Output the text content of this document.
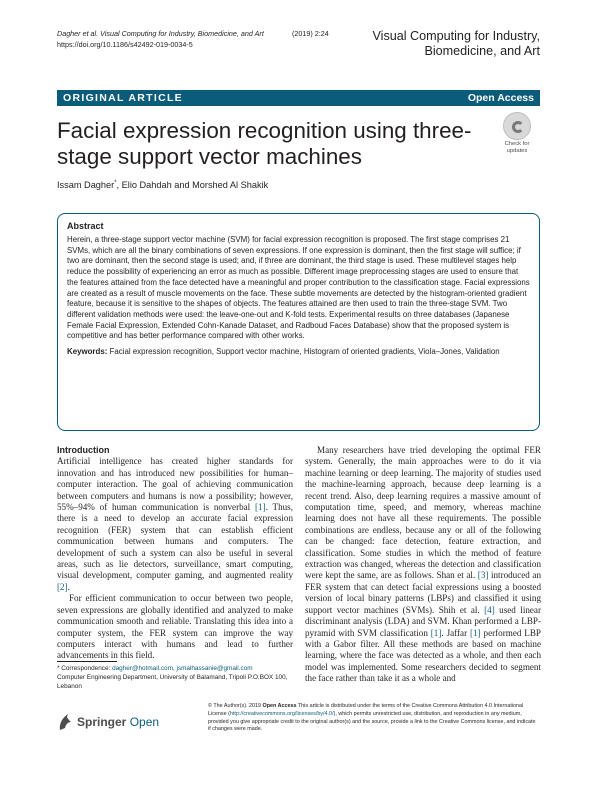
Dagher et al. Visual Computing for Industry, Biomedicine, and Art	(2019) 2:24
https://doi.org/10.1186/s42492-019-0034-5
Visual Computing for Industry, Biomedicine, and Art
ORIGINAL ARTICLE	Open Access
Facial expression recognition using three-stage support vector machines	Check for
updates
Issam Dagher*, Elio Dahdah and Morshed Al Shakik
Abstract

Herein, a three-stage support vector machine (SVM) for facial expression recognition is proposed. The first stage comprises 21 SVMs, which are all the binary combinations of seven expressions. If one expression is dominant, then the first stage will suffice; if two are dominant, then the second stage is used; and, if three are dominant, the third stage is used. These multilevel stages help reduce the possibility of experiencing an error as much as possible. Different image preprocessing stages are used to ensure that the features attained from the face detected have a meaningful and proper contribution to the classification stage. Facial expressions are created as a result of muscle movements on the face. These subtle movements are detected by the histogram-oriented gradient feature, because it is sensitive to the shapes of objects. The features attained are then used to train the three-stage SVM. Two different validation methods were used: the leave-one-out and K-fold tests. Experimental results on three databases (Japanese Female Facial Expression, Extended Cohn-Kanade Dataset, and Radboud Faces Database) show that the proposed system is competitive and has better performance compared with other works.

Keywords: Facial expression recognition, Support vector machine, Histogram of oriented gradients, Viola–Jones, Validation
Introduction

Artificial intelligence has created higher standards for innovation and has introduced new possibilities for human–computer interaction. The goal of achieving communication between computers and humans is now a possibility; however, 55%–94% of human communication is nonverbal [1]. Thus, there is a need to develop an accurate facial expression recognition (FER) system that can establish efficient communication between humans and computers. The development of such a system can also be useful in several areas, such as lie detectors, surveillance, smart computing, visual development, computer gaming, and augmented reality [2].

For efficient communication to occur between two people, seven expressions are globally identified and analyzed to make communication smooth and reliable. Translating this idea into a computer system, the FER system can improve the way computers interact with humans and lead to further advancements in this field.

Many researchers have tried developing the optimal FER system. Generally, the main approaches were to do it via machine learning or deep learning. The majority of studies used the machine-learning approach, because deep learning is a recent trend. Also, deep learning requires a massive amount of computation time, speed, and memory, whereas machine learning does not have all these requirements. The possible combinations are endless, because any or all of the following can be changed: face detection, feature extraction, and classification. Some studies in which the method of feature extraction was changed, whereas the detection and classification were kept the same, are as follows. Shan et al. [3] introduced an FER system that can detect facial expressions using a boosted version of local binary patterns (LBPs) and classified it using support vector machines (SVMs). Shih et al. [4] used linear discriminant analysis (LDA) and SVM. Khan performed a LBP-pyramid with SVM classification [1]. Jaffar [1] performed LBP with a Gabor filter. All these methods are based on machine learning, where the face was detected as a whole, and then each model was implemented. Some researchers decided to segment the face rather than take it as a whole and

* Correspondence: dagher@hotmail.com, jsmalhassanie@gmail.com
Computer Engineering Department, University of Balamand, Tripoli P.O.BOX 100, Lebanon
Springer Open
© The Author(s). 2019 Open Access This article is distributed under the terms of the Creative Commons Attribution 4.0 International License (http://creativecommons.org/licenses/by/4.0/), which permits unrestricted use, distribution, and reproduction in any medium, provided you give appropriate credit to the original author(s) and the source, provide a link to the Creative Commons license, and indicate if changes were made.
